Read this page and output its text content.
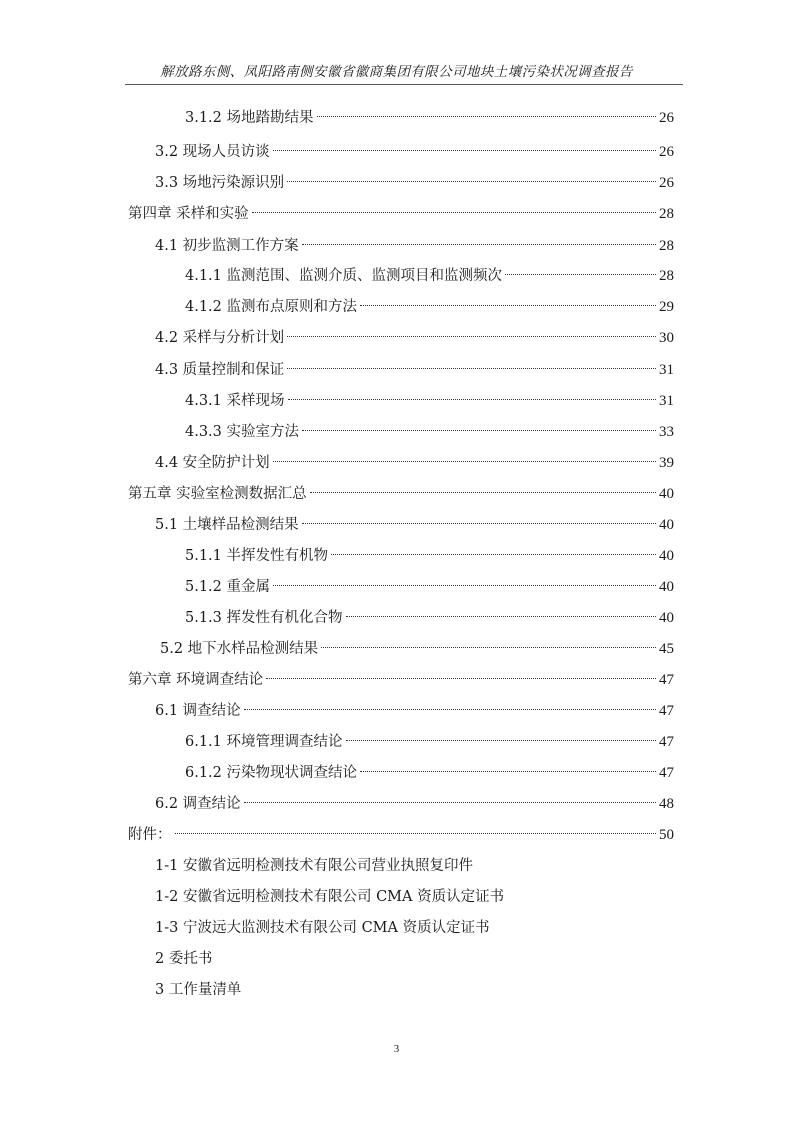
解放路东侧、凤阳路南侧安徽省徽商集团有限公司地块土壤污染状况调查报告
3.1.2 场地踏勘结果	26
3.2 现场人员访谈	26
3.3 场地污染源识别	26
第四章 采样和实验	28
4.1 初步监测工作方案	28
4.1.1 监测范围、监测介质、监测项目和监测频次	28
4.1.2 监测布点原则和方法	29
4.2 采样与分析计划	30
4.3 质量控制和保证	31
4.3.1 采样现场	31
4.3.3 实验室方法	33
4.4 安全防护计划	39
第五章 实验室检测数据汇总	40
5.1 土壤样品检测结果	40
5.1.1 半挥发性有机物	40
5.1.2 重金属	40
5.1.3 挥发性有机化合物	40
5.2 地下水样品检测结果	45
第六章 环境调查结论	47
6.1 调查结论	47
6.1.1 环境管理调查结论	47
6.1.2 污染物现状调查结论	47
6.2 调查结论	48
附件：	50
1-1 安徽省远明检测技术有限公司营业执照复印件
1-2 安徽省远明检测技术有限公司 CMA 资质认定证书
1-3 宁波远大监测技术有限公司 CMA 资质认定证书
2 委托书
3 工作量清单
3
